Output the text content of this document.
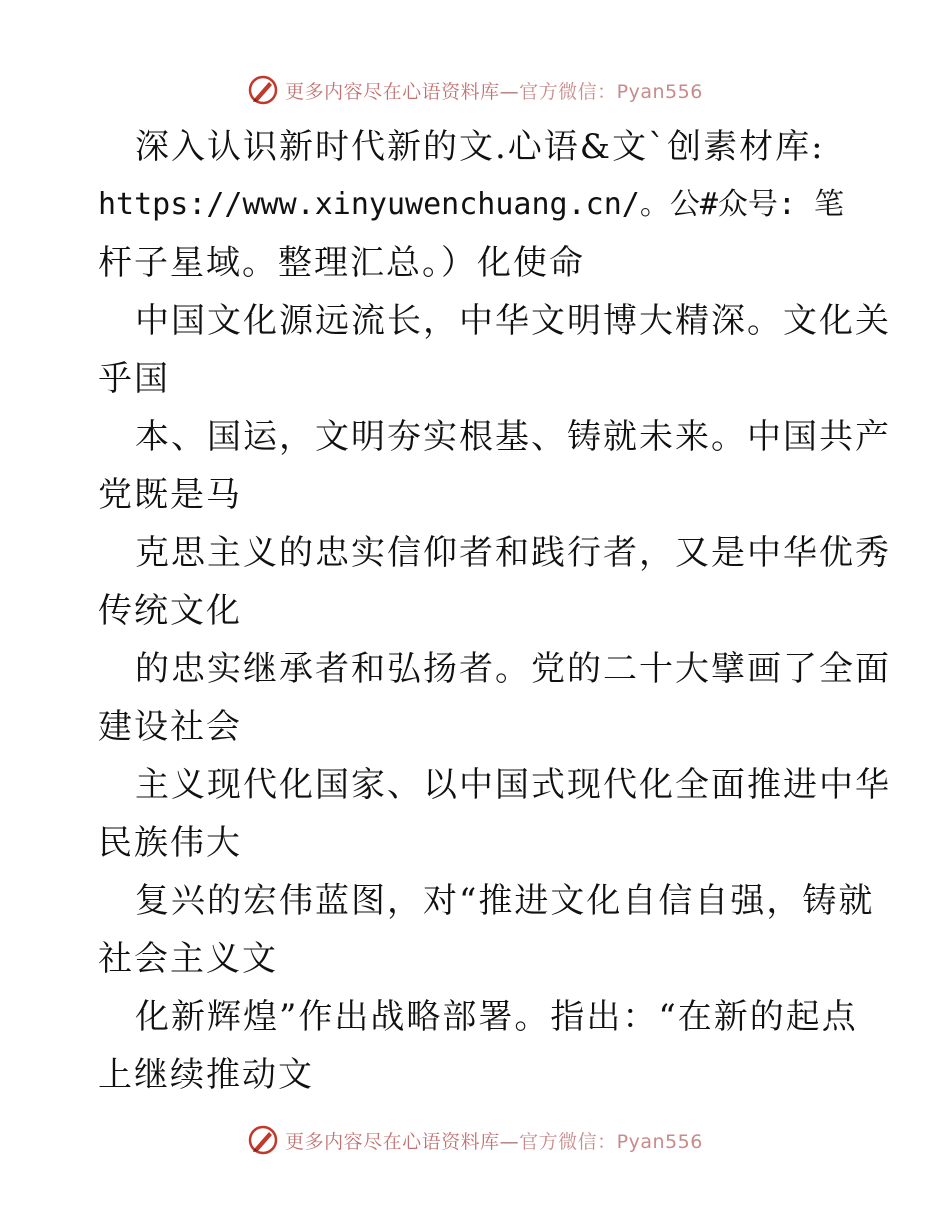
更多内容尽在心语资料库—官方微信：Pyan556
深入认识新时代新的文.心语&文`创素材库:
https://www.xinyuwenchuang.cn/。公#众号: 笔
杆子星域。整理汇总。）化使命
中国文化源远流长，中华文明博大精深。文化关
乎国
本、国运，文明夯实根基、铸就未来。中国共产
党既是马
克思主义的忠实信仰者和践行者，又是中华优秀
传统文化
的忠实继承者和弘扬者。党的二十大擘画了全面
建设社会
主义现代化国家、以中国式现代化全面推进中华
民族伟大
复兴的宏伟蓝图，对“推进文化自信自强，铸就
社会主义文
化新辉煌”作出战略部署。指出：“在新的起点
上继续推动文
更多内容尽在心语资料库—官方微信：Pyan556
